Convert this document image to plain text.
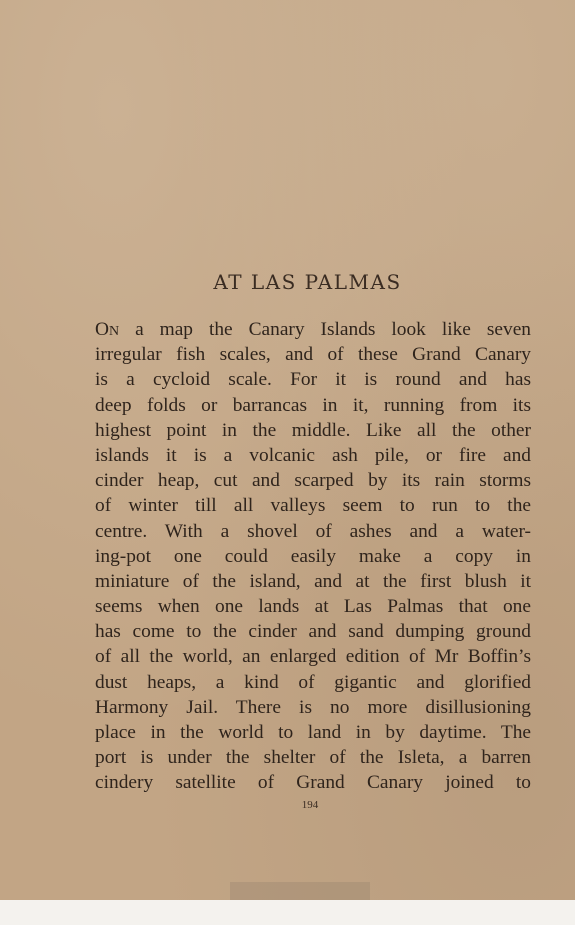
AT LAS PALMAS
On a map the Canary Islands look like seven
irregular fish scales, and of these Grand Canary
is a cycloid scale. For it is round and has
deep folds or barrancas in it, running from its
highest point in the middle. Like all the other
islands it is a volcanic ash pile, or fire and
cinder heap, cut and scarped by its rain storms
of winter till all valleys seem to run to the
centre. With a shovel of ashes and a water-
ing-pot one could easily make a copy in
miniature of the island, and at the first blush it
seems when one lands at Las Palmas that one
has come to the cinder and sand dumping ground
of all the world, an enlarged edition of Mr Boffin’s
dust heaps, a kind of gigantic and glorified
Harmony Jail. There is no more disillusioning
place in the world to land in by daytime. The
port is under the shelter of the Isleta, a barren
cindery satellite of Grand Canary joined to
194
